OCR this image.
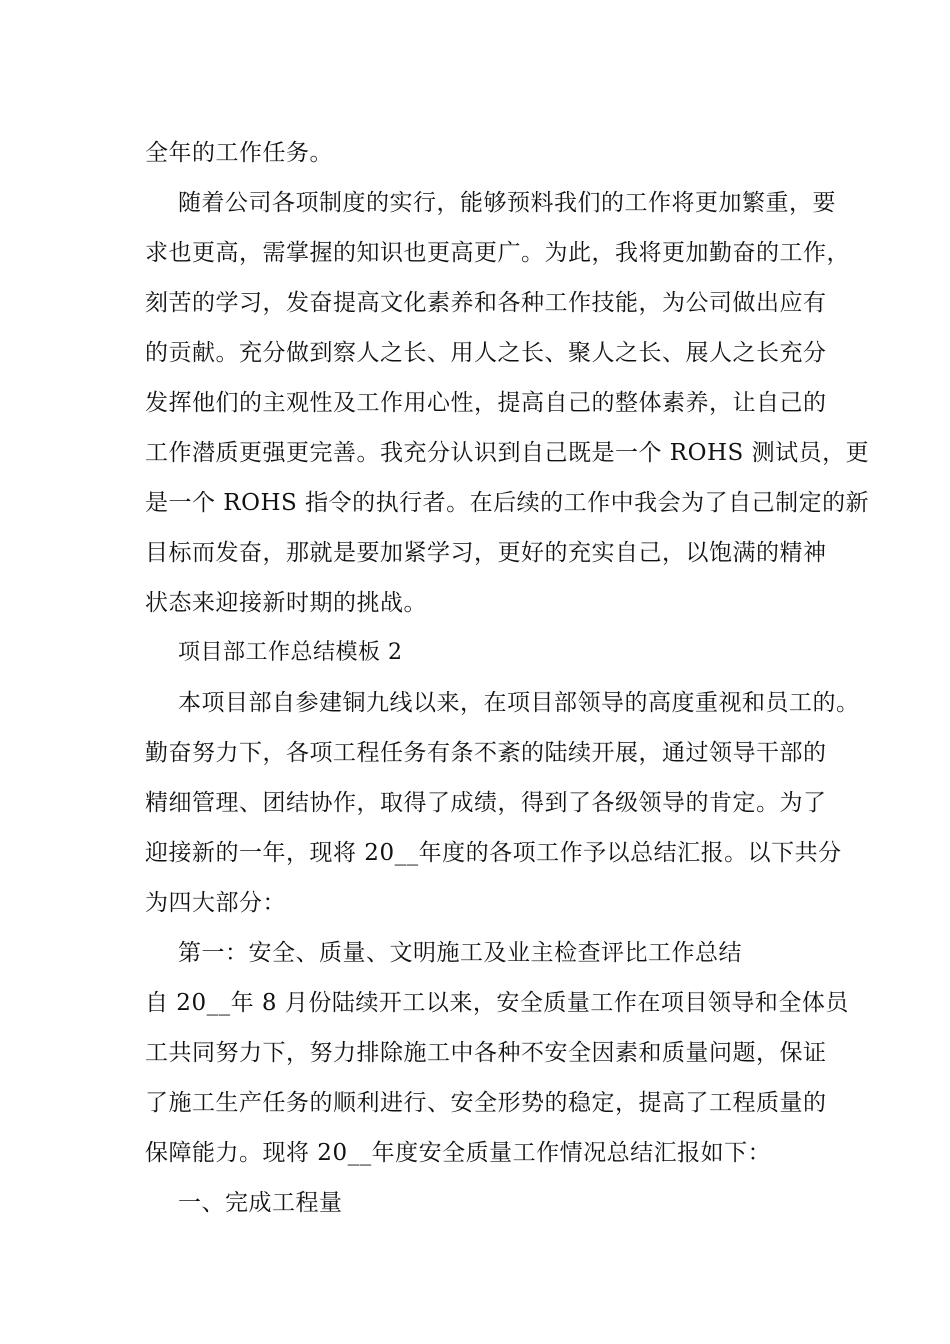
全年的工作任务。
随着公司各项制度的实行，能够预料我们的工作将更加繁重，要
求也更高，需掌握的知识也更高更广。为此，我将更加勤奋的工作，
刻苦的学习，发奋提高文化素养和各种工作技能，为公司做出应有
的贡献。充分做到察人之长、用人之长、聚人之长、展人之长充分
发挥他们的主观性及工作用心性，提高自己的整体素养，让自己的
工作潜质更强更完善。我充分认识到自己既是一个 ROHS 测试员，更
是一个 ROHS 指令的执行者。在后续的工作中我会为了自己制定的新
目标而发奋，那就是要加紧学习，更好的充实自己，以饱满的精神
状态来迎接新时期的挑战。
项目部工作总结模板 2
本项目部自参建铜九线以来，在项目部领导的高度重视和员工的。
勤奋努力下，各项工程任务有条不紊的陆续开展，通过领导干部的
精细管理、团结协作，取得了成绩，得到了各级领导的肯定。为了
迎接新的一年，现将 20__年度的各项工作予以总结汇报。以下共分
为四大部分：
第一：安全、质量、文明施工及业主检查评比工作总结
自 20__年 8 月份陆续开工以来，安全质量工作在项目领导和全体员
工共同努力下，努力排除施工中各种不安全因素和质量问题，保证
了施工生产任务的顺利进行、安全形势的稳定，提高了工程质量的
保障能力。现将 20__年度安全质量工作情况总结汇报如下：
一、完成工程量
